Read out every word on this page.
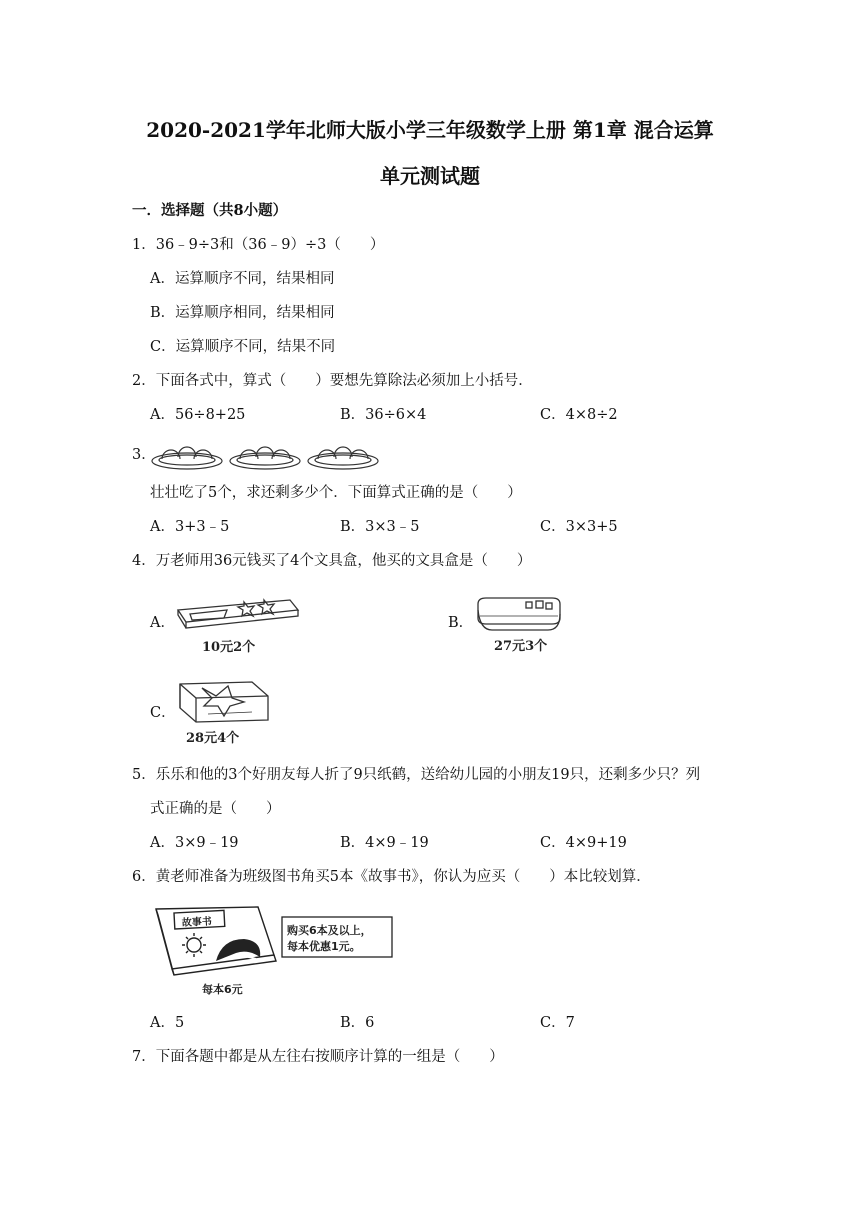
2020-2021学年北师大版小学三年级数学上册 第1章 混合运算
单元测试题
一．选择题（共8小题）
1．36﹣9÷3和（36﹣9）÷3（　　）
A．运算顺序不同，结果相同
B．运算顺序相同，结果相同
C．运算顺序不同，结果不同
2．下面各式中，算式（　　）要想先算除法必须加上小括号．
A．56÷8+25	B．36÷6×4	C．4×8÷2
3．
壮壮吃了5个，求还剩多少个．下面算式正确的是（　　）
A．3+3﹣5	B．3×3﹣5	C．3×3+5
4．万老师用36元钱买了4个文具盒，他买的文具盒是（　　）
A．
10元2个
B．
27元3个
C．
28元4个
5．乐乐和他的3个好朋友每人折了9只纸鹤，送给幼儿园的小朋友19只，还剩多少只？列
式正确的是（　　）
A．3×9﹣19	B．4×9﹣19	C．4×9+19
6．黄老师准备为班级图书角买5本《故事书》，你认为应买（　　）本比较划算．
故事书
购买6本及以上，
每本优惠1元。
每本6元
A．5	B．6	C．7
7．下面各题中都是从左往右按顺序计算的一组是（　　）
